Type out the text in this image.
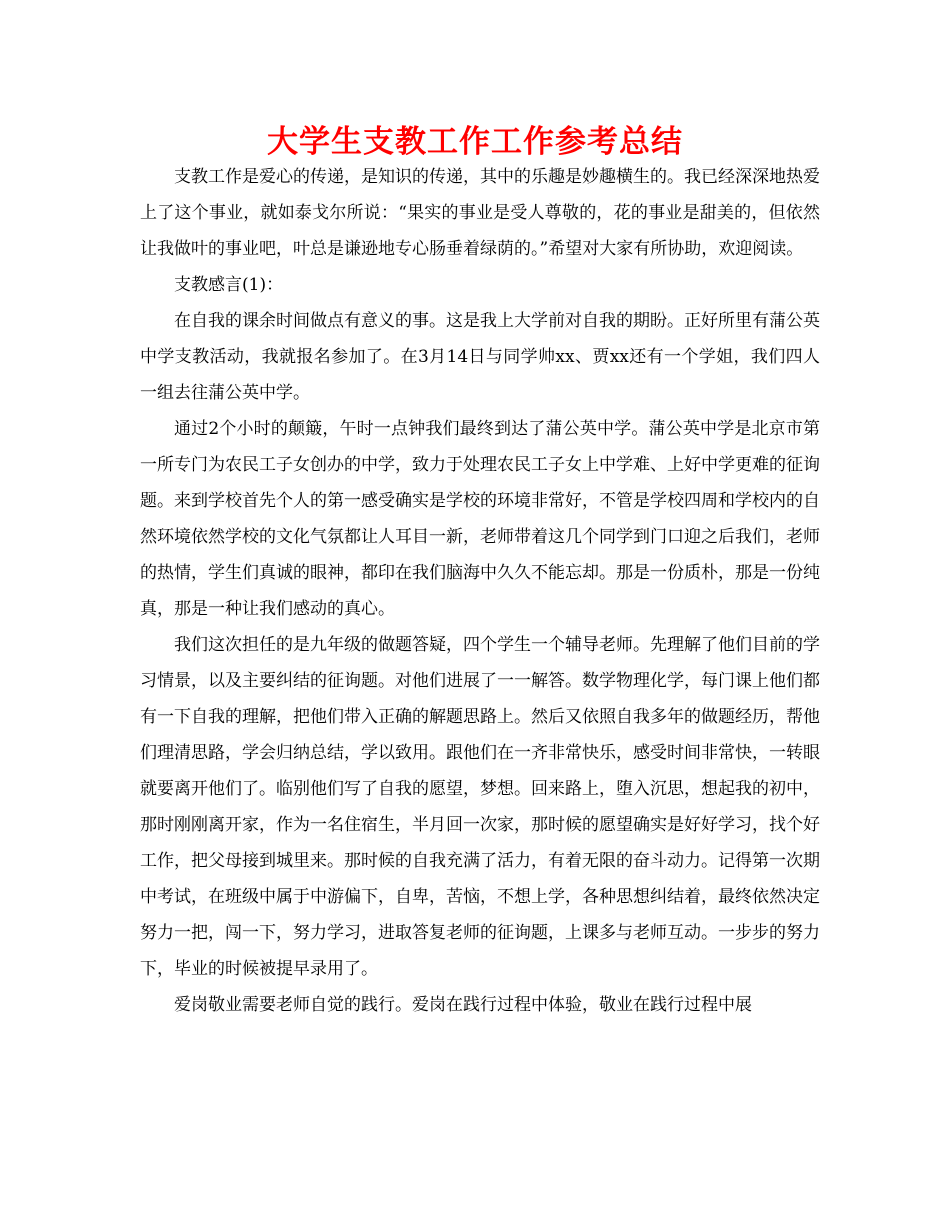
大学生支教工作工作参考总结

支教工作是爱心的传递，是知识的传递，其中的乐趣是妙趣横生的。我已经深深地热爱上了这个事业，就如泰戈尔所说：“果实的事业是受人尊敬的，花的事业是甜美的，但依然让我做叶的事业吧，叶总是谦逊地专心肠垂着绿荫的。”希望对大家有所协助，欢迎阅读。

支教感言(1)：

在自我的课余时间做点有意义的事。这是我上大学前对自我的期盼。正好所里有蒲公英中学支教活动，我就报名参加了。在3月14日与同学帅xx、贾xx还有一个学姐，我们四人一组去往蒲公英中学。

通过2个小时的颠簸，午时一点钟我们最终到达了蒲公英中学。蒲公英中学是北京市第一所专门为农民工子女创办的中学，致力于处理农民工子女上中学难、上好中学更难的征询题。来到学校首先个人的第一感受确实是学校的环境非常好，不管是学校四周和学校内的自然环境依然学校的文化气氛都让人耳目一新，老师带着这几个同学到门口迎之后我们，老师的热情，学生们真诚的眼神，都印在我们脑海中久久不能忘却。那是一份质朴，那是一份纯真，那是一种让我们感动的真心。

我们这次担任的是九年级的做题答疑，四个学生一个辅导老师。先理解了他们目前的学习情景，以及主要纠结的征询题。对他们进展了一一解答。数学物理化学，每门课上他们都有一下自我的理解，把他们带入正确的解题思路上。然后又依照自我多年的做题经历，帮他们理清思路，学会归纳总结，学以致用。跟他们在一齐非常快乐，感受时间非常快，一转眼就要离开他们了。临别他们写了自我的愿望，梦想。回来路上，堕入沉思，想起我的初中，那时刚刚离开家，作为一名住宿生，半月回一次家，那时候的愿望确实是好好学习，找个好工作，把父母接到城里来。那时候的自我充满了活力，有着无限的奋斗动力。记得第一次期中考试，在班级中属于中游偏下，自卑，苦恼，不想上学，各种思想纠结着，最终依然决定努力一把，闯一下，努力学习，进取答复老师的征询题，上课多与老师互动。一步步的努力下，毕业的时候被提早录用了。

爱岗敬业需要老师自觉的践行。爱岗在践行过程中体验，敬业在践行过程中展
